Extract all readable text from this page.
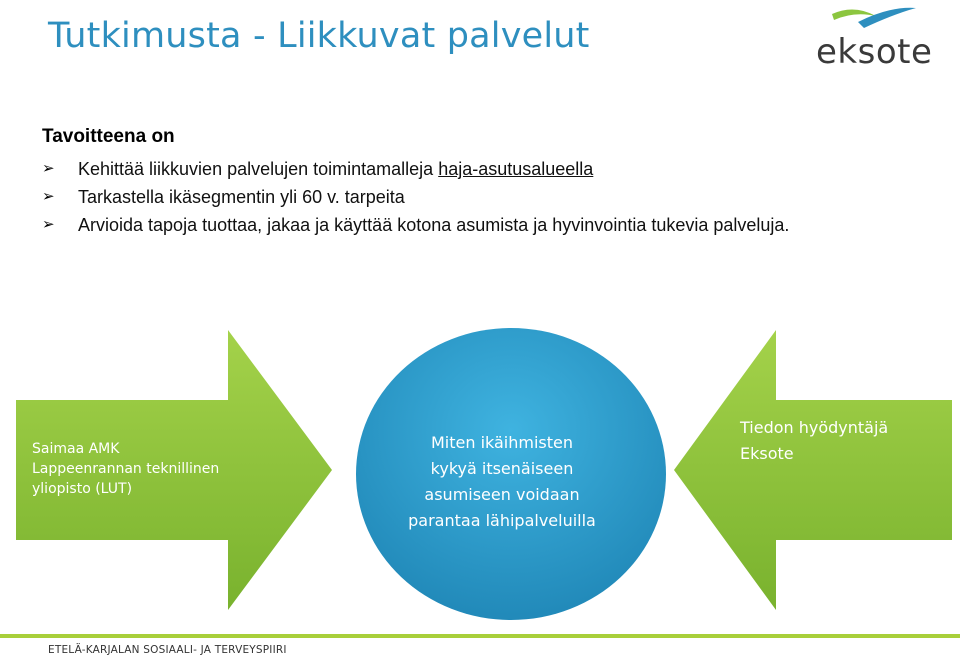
Tutkimusta - Liikkuvat palvelut	eksote
Tavoitteena on
➢ Kehittää liikkuvien palvelujen toimintamalleja haja-asutusalueella
➢ Tarkastella ikäsegmentin yli 60 v. tarpeita
➢ Arvioida tapoja tuottaa, jakaa ja käyttää kotona asumista ja hyvinvointia tukevia palveluja.
Saimaa AMK
Lappeenrannan teknillinen
yliopisto (LUT)
Miten ikäihmisten
kykyä itsenäiseen
asumiseen voidaan
parantaa lähipalveluilla
Tiedon hyödyntäjä
Eksote
ETELÄ-KARJALAN SOSIAALI- JA TERVEYSPIIRI
